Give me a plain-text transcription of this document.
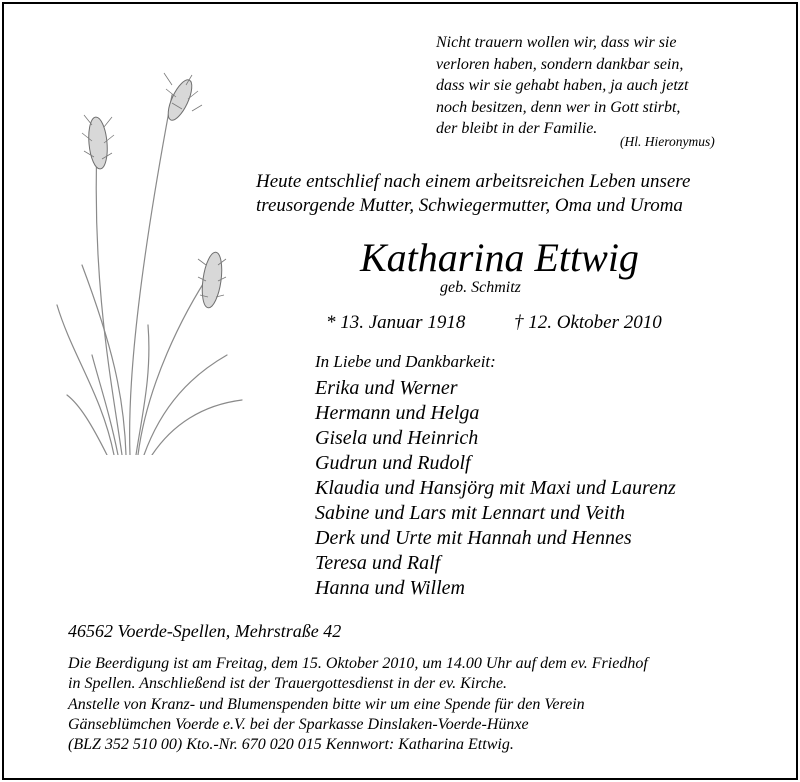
Nicht trauern wollen wir, dass wir sie
verloren haben, sondern dankbar sein,
dass wir sie gehabt haben, ja auch jetzt
noch besitzen, denn wer in Gott stirbt,
der bleibt in der Familie.
(Hl. Hieronymus)
Heute entschlief nach einem arbeitsreichen Leben unsere
treusorgende Mutter, Schwiegermutter, Oma und Uroma
Katharina Ettwig
geb. Schmitz
* 13. Januar 1918	† 12. Oktober 2010
In Liebe und Dankbarkeit:
Erika und Werner
Hermann und Helga
Gisela und Heinrich
Gudrun und Rudolf
Klaudia und Hansjörg mit Maxi und Laurenz
Sabine und Lars mit Lennart und Veith
Derk und Urte mit Hannah und Hennes
Teresa und Ralf
Hanna und Willem
46562 Voerde-Spellen, Mehrstraße 42
Die Beerdigung ist am Freitag, dem 15. Oktober 2010, um 14.00 Uhr auf dem ev. Friedhof
in Spellen. Anschließend ist der Trauergottesdienst in der ev. Kirche.
Anstelle von Kranz- und Blumenspenden bitte wir um eine Spende für den Verein
Gänseblümchen Voerde e.V. bei der Sparkasse Dinslaken-Voerde-Hünxe
(BLZ 352 510 00) Kto.-Nr. 670 020 015 Kennwort: Katharina Ettwig.
